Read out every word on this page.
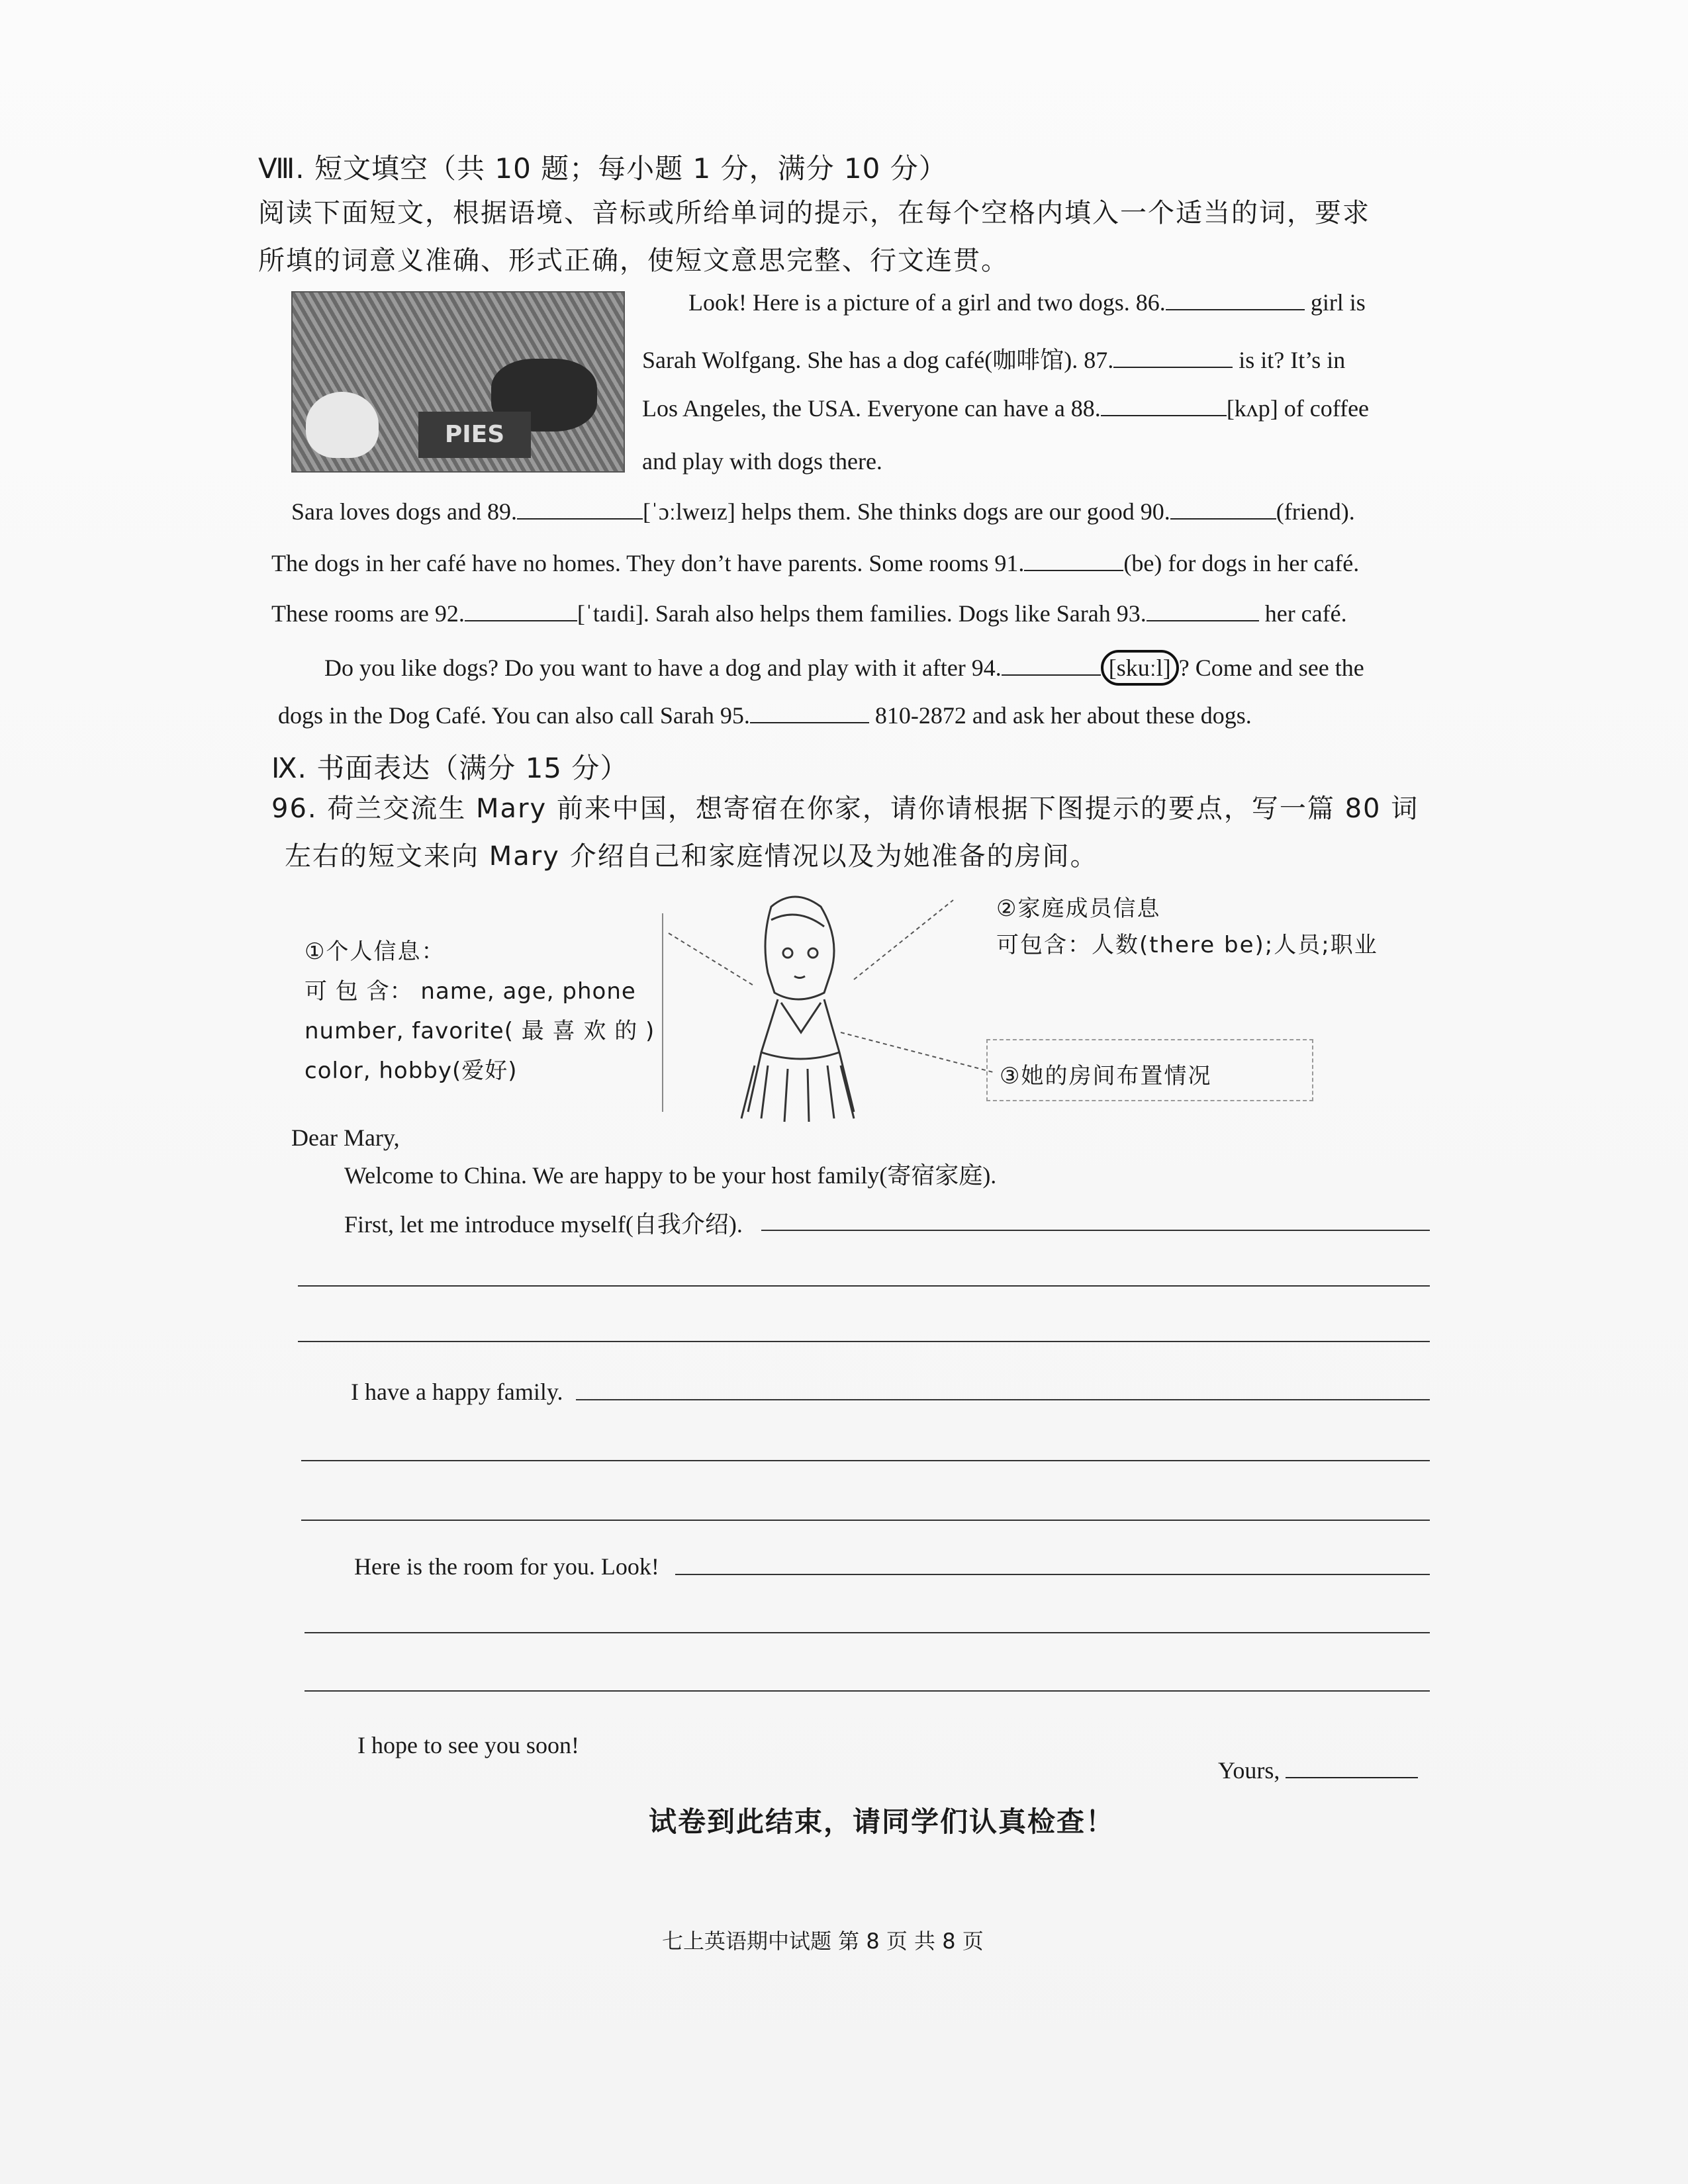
Ⅷ. 短文填空（共 10 题；每小题 1 分，满分 10 分）
阅读下面短文，根据语境、音标或所给单词的提示，在每个空格内填入一个适当的词，要求
所填的词意义准确、形式正确，使短文意思完整、行文连贯。
PIES
Look! Here is a picture of a girl and two dogs. 86.	girl is
Sarah Wolfgang. She has a dog café(咖啡馆). 87.	is it? It’s in
Los Angeles, the USA. Everyone can have a 88.	[kʌp] of coffee
and play with dogs there.
Sara loves dogs and 89.	[ˈɔːlweɪz] helps them. She thinks dogs are our good 90.	(friend).
The dogs in her café have no homes. They don’t have parents. Some rooms 91.	(be) for dogs in her café.
These rooms are 92.	[ˈtaɪdi]. Sarah also helps them families. Dogs like Sarah 93.	her café.
Do you like dogs? Do you want to have a dog and play with it after 94.	[skuːl] ? Come and see the
dogs in the Dog Café. You can also call Sarah 95.	810-2872 and ask her about these dogs.
Ⅸ. 书面表达（满分 15 分）
96. 荷兰交流生 Mary 前来中国，想寄宿在你家，请你请根据下图提示的要点，写一篇 80 词
左右的短文来向 Mary 介绍自己和家庭情况以及为她准备的房间。
①个人信息：
可 包 含： name, age, phone
number, favorite( 最 喜 欢 的 )
color, hobby(爱好)
②家庭成员信息
可包含：人数(there be);人员;职业
③她的房间布置情况
Dear Mary,
Welcome to China. We are happy to be your host family(寄宿家庭).
First, let me introduce myself(自我介绍).
I have a happy family.
Here is the room for you. Look!
I hope to see you soon!
Yours,
试卷到此结束，请同学们认真检查！
七上英语期中试题 第 8 页 共 8 页
